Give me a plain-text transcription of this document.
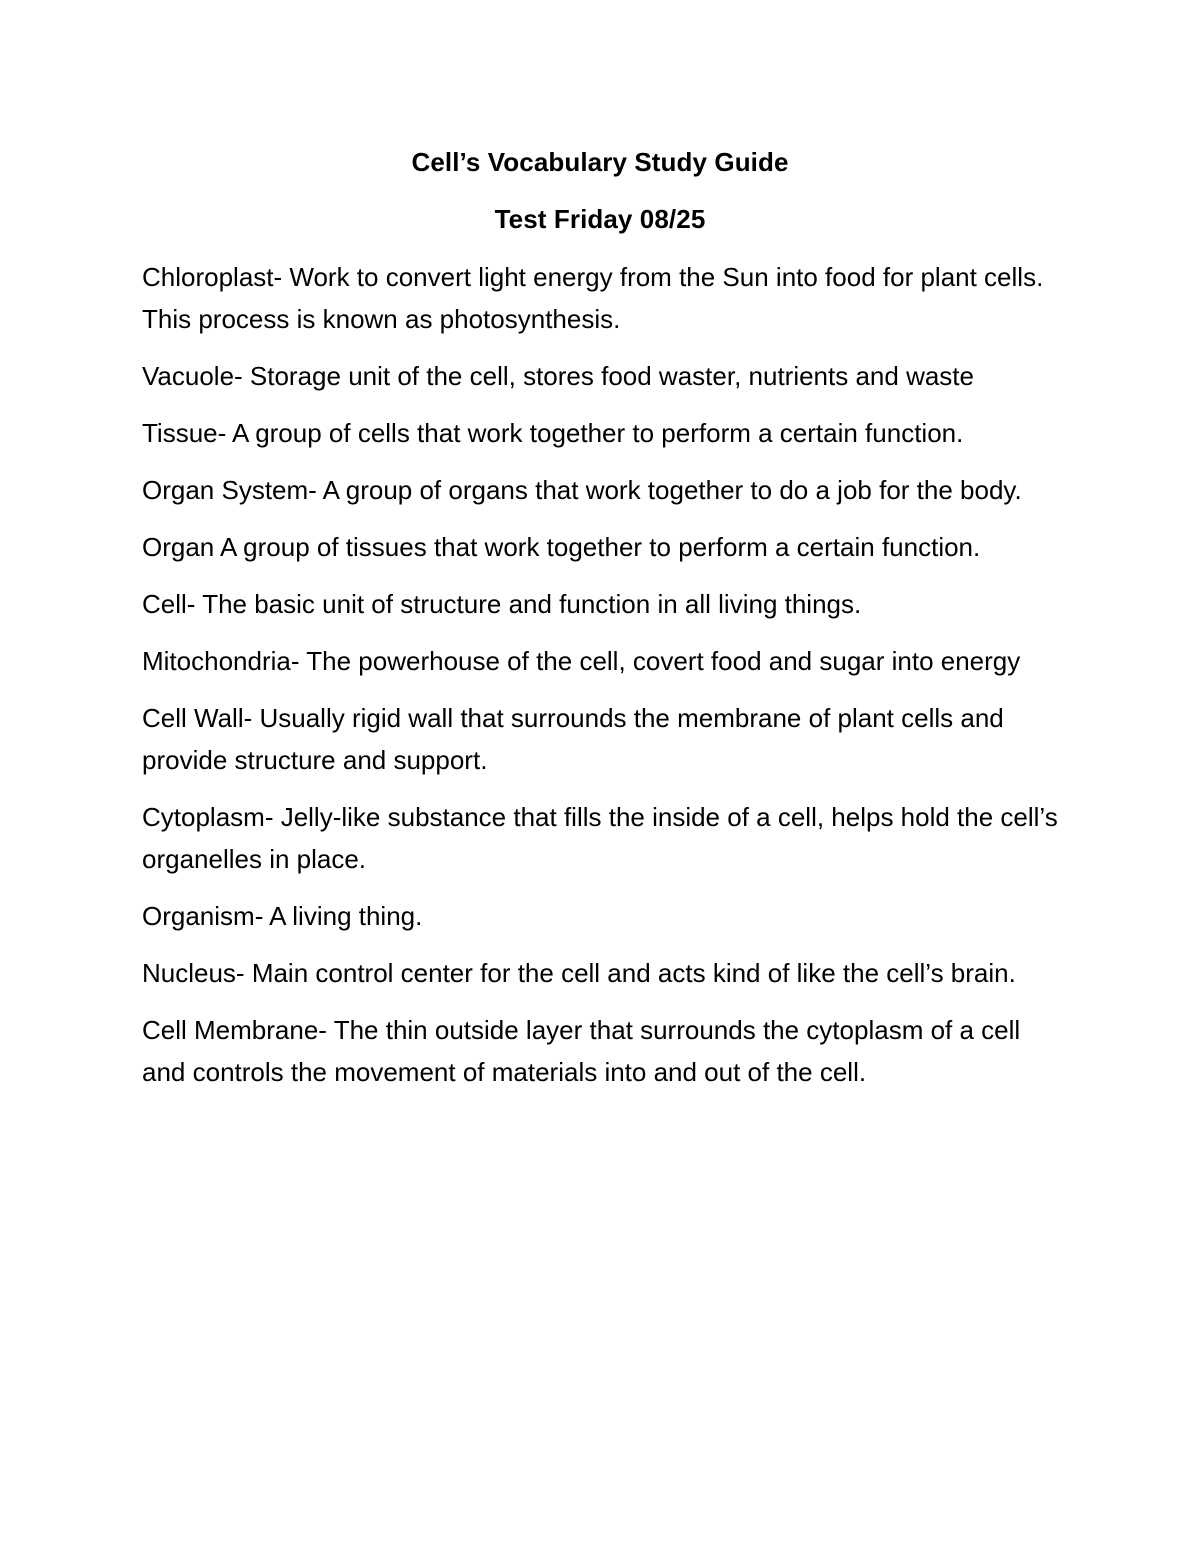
Cell’s Vocabulary Study Guide
Test Friday 08/25
Chloroplast- Work to convert light energy from the Sun into food for plant cells. This process is known as photosynthesis.
Vacuole- Storage unit of the cell, stores food waster, nutrients and waste
Tissue- A group of cells that work together to perform a certain function.
Organ System- A group of organs that work together to do a job for the body.
Organ A group of tissues that work together to perform a certain function.
Cell- The basic unit of structure and function in all living things.
Mitochondria- The powerhouse of the cell, covert food and sugar into energy
Cell Wall- Usually rigid wall that surrounds the membrane of plant cells and provide structure and support.
Cytoplasm- Jelly-like substance that fills the inside of a cell, helps hold the cell’s organelles in place.
Organism- A living thing.
Nucleus- Main control center for the cell and acts kind of like the cell’s brain.
Cell Membrane- The thin outside layer that surrounds the cytoplasm of a cell and controls the movement of materials into and out of the cell.
